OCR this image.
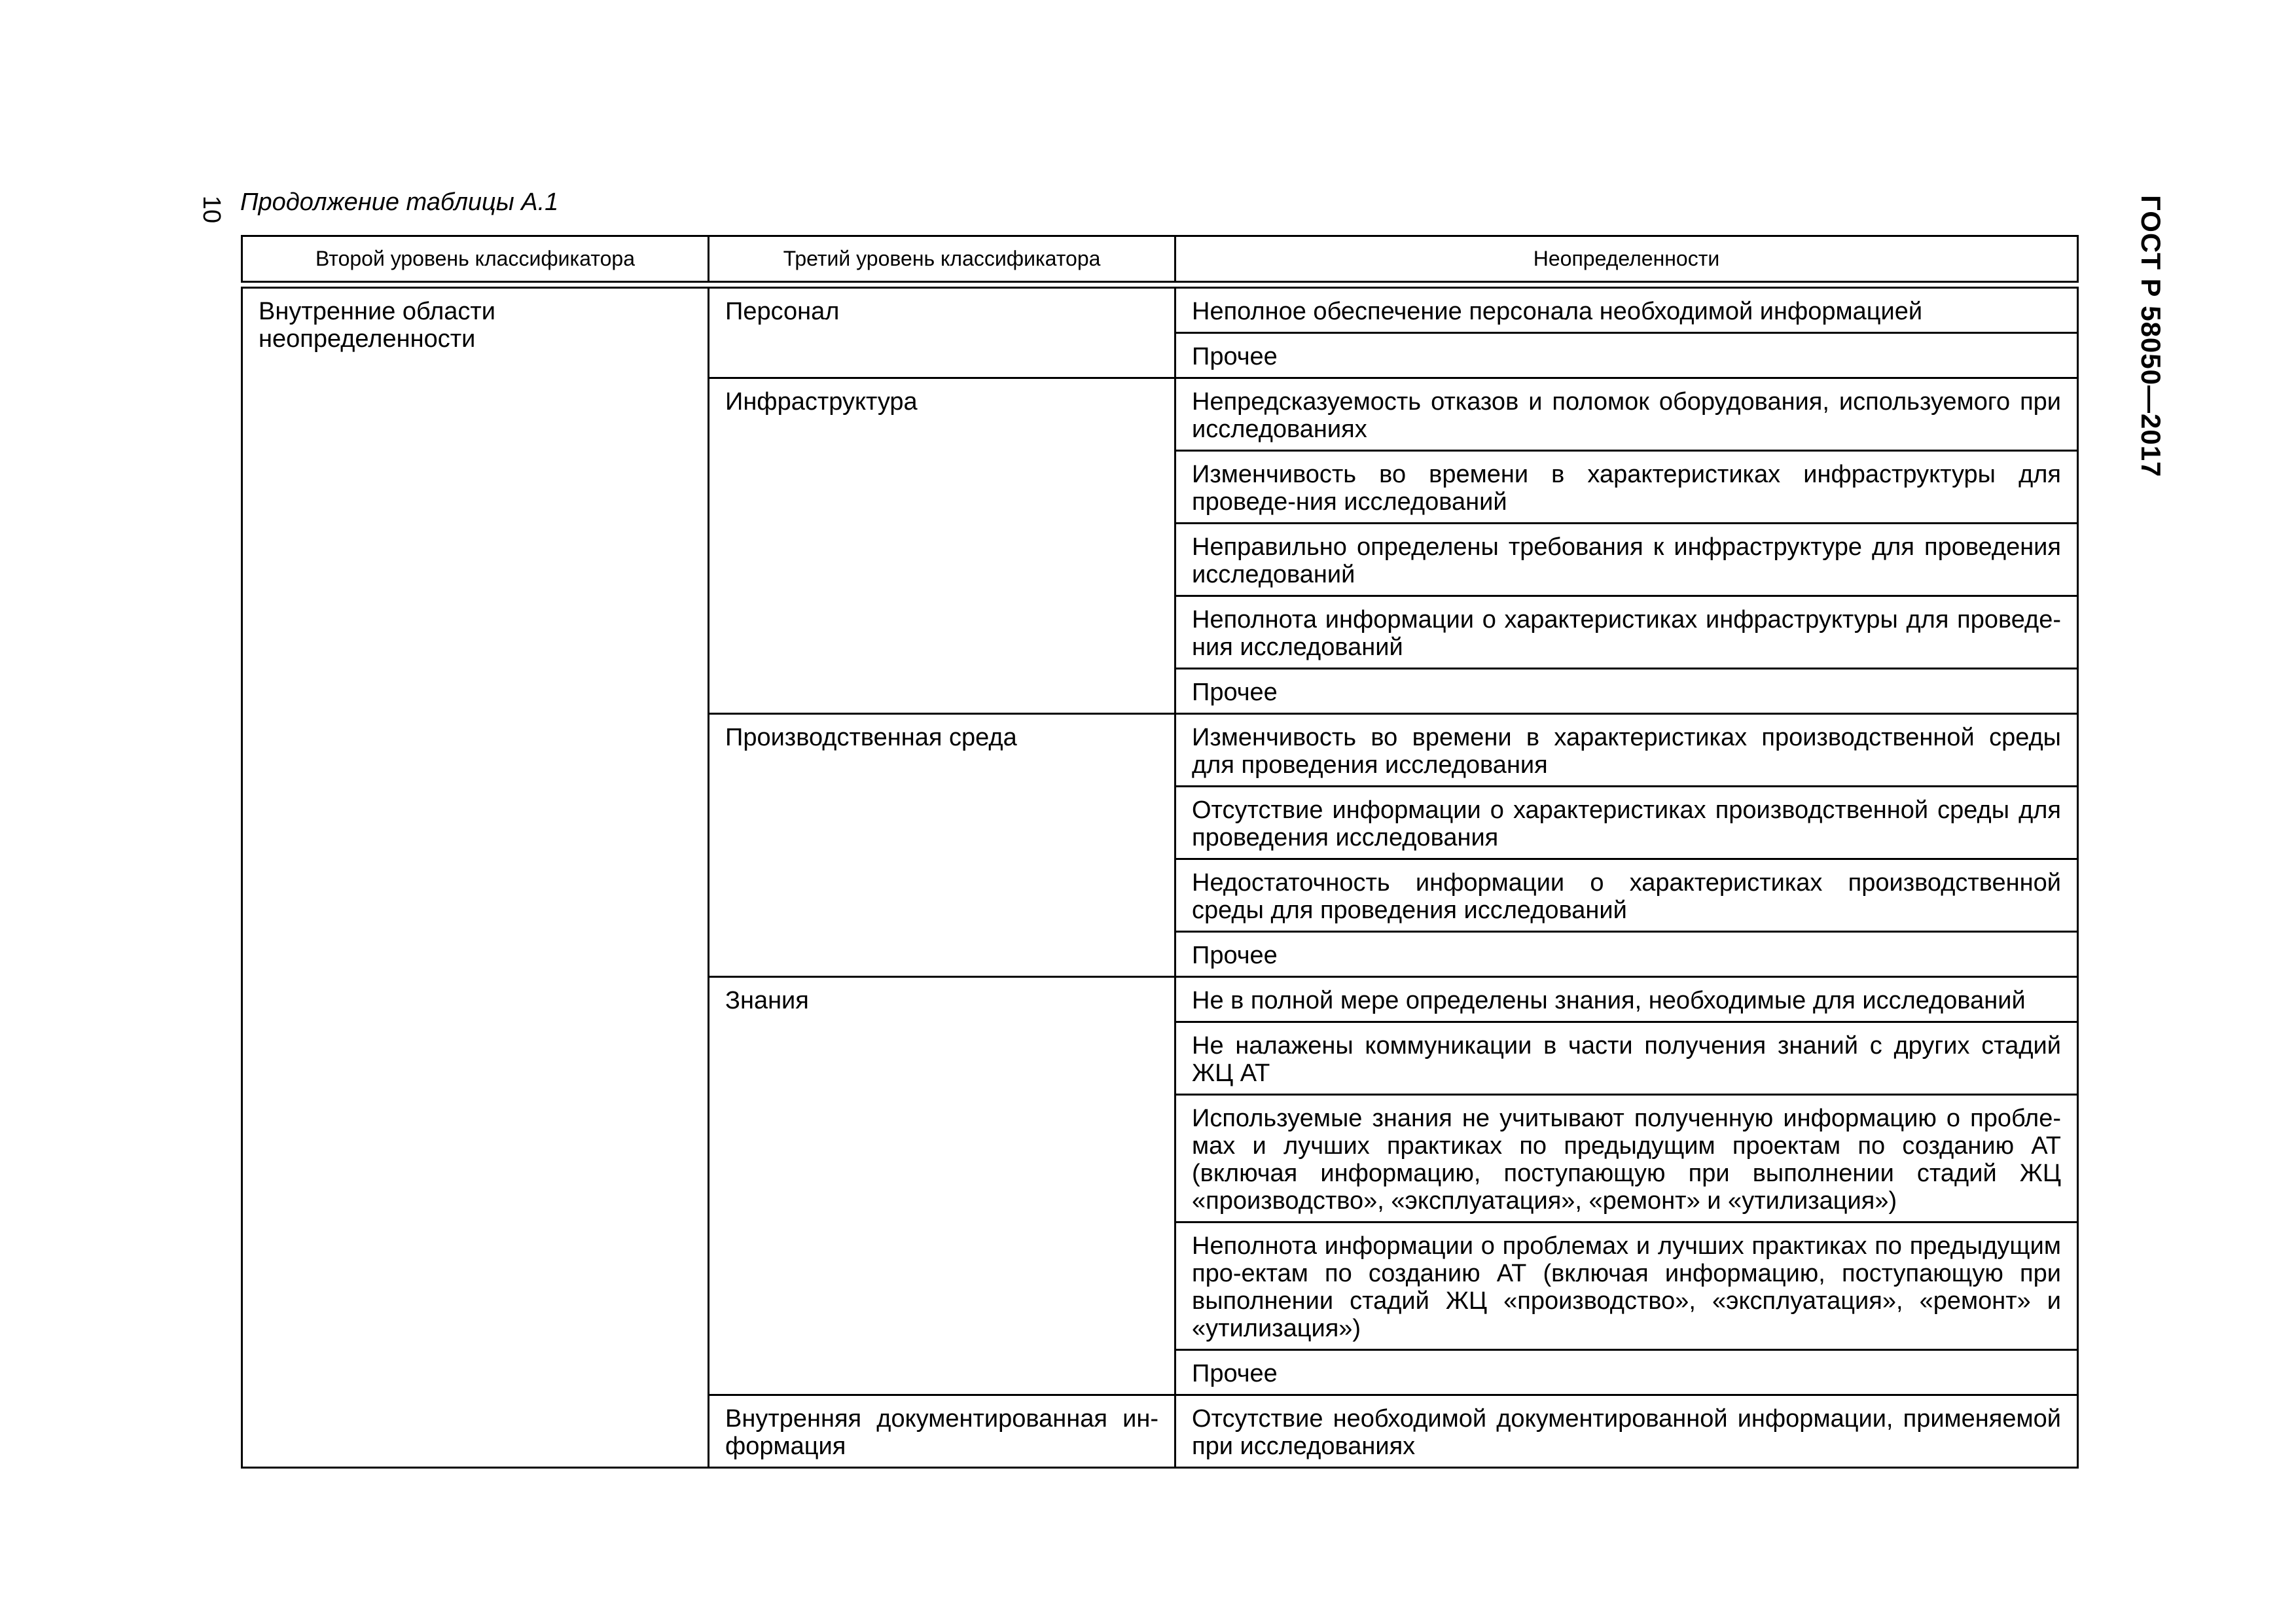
10 Продолжение таблицы А.1	ГОСТ Р 58050—2017
Второй уровень классификатора	Третий уровень классификатора	Неопределенности

Внутренние области неопределенности	Персонал	Неполное обеспечение персонала необходимой информацией

		Прочее

	Инфраструктура	Непредсказуемость отказов и поломок оборудования, используемого при исследованиях

		Изменчивость во времени в характеристиках инфраструктуры для проведе-ния исследований

		Неправильно определены требования к инфраструктуре для проведения исследований

		Неполнота информации о характеристиках инфраструктуры для проведе-ния исследований

		Прочее

	Производственная среда	Изменчивость во времени в характеристиках производственной среды для проведения исследования

		Отсутствие информации о характеристиках производственной среды для проведения исследования

		Недостаточность информации о характеристиках производственной среды для проведения исследований

		Прочее

	Знания	Не в полной мере определены знания, необходимые для исследований

		Не налажены коммуникации в части получения знаний с других стадий ЖЦ АТ

		Используемые знания не учитывают полученную информацию о пробле-мах и лучших практиках по предыдущим проектам по созданию АТ (включая информацию, поступающую при выполнении стадий ЖЦ «производство», «эксплуатация», «ремонт» и «утилизация»)

		Неполнота информации о проблемах и лучших практиках по предыдущим про-ектам по созданию АТ (включая информацию, поступающую при выполнении стадий ЖЦ «производство», «эксплуатация», «ремонт» и «утилизация»)

		Прочее

	Внутренняя документированная ин-формация	Отсутствие необходимой документированной информации, применяемой при исследованиях
